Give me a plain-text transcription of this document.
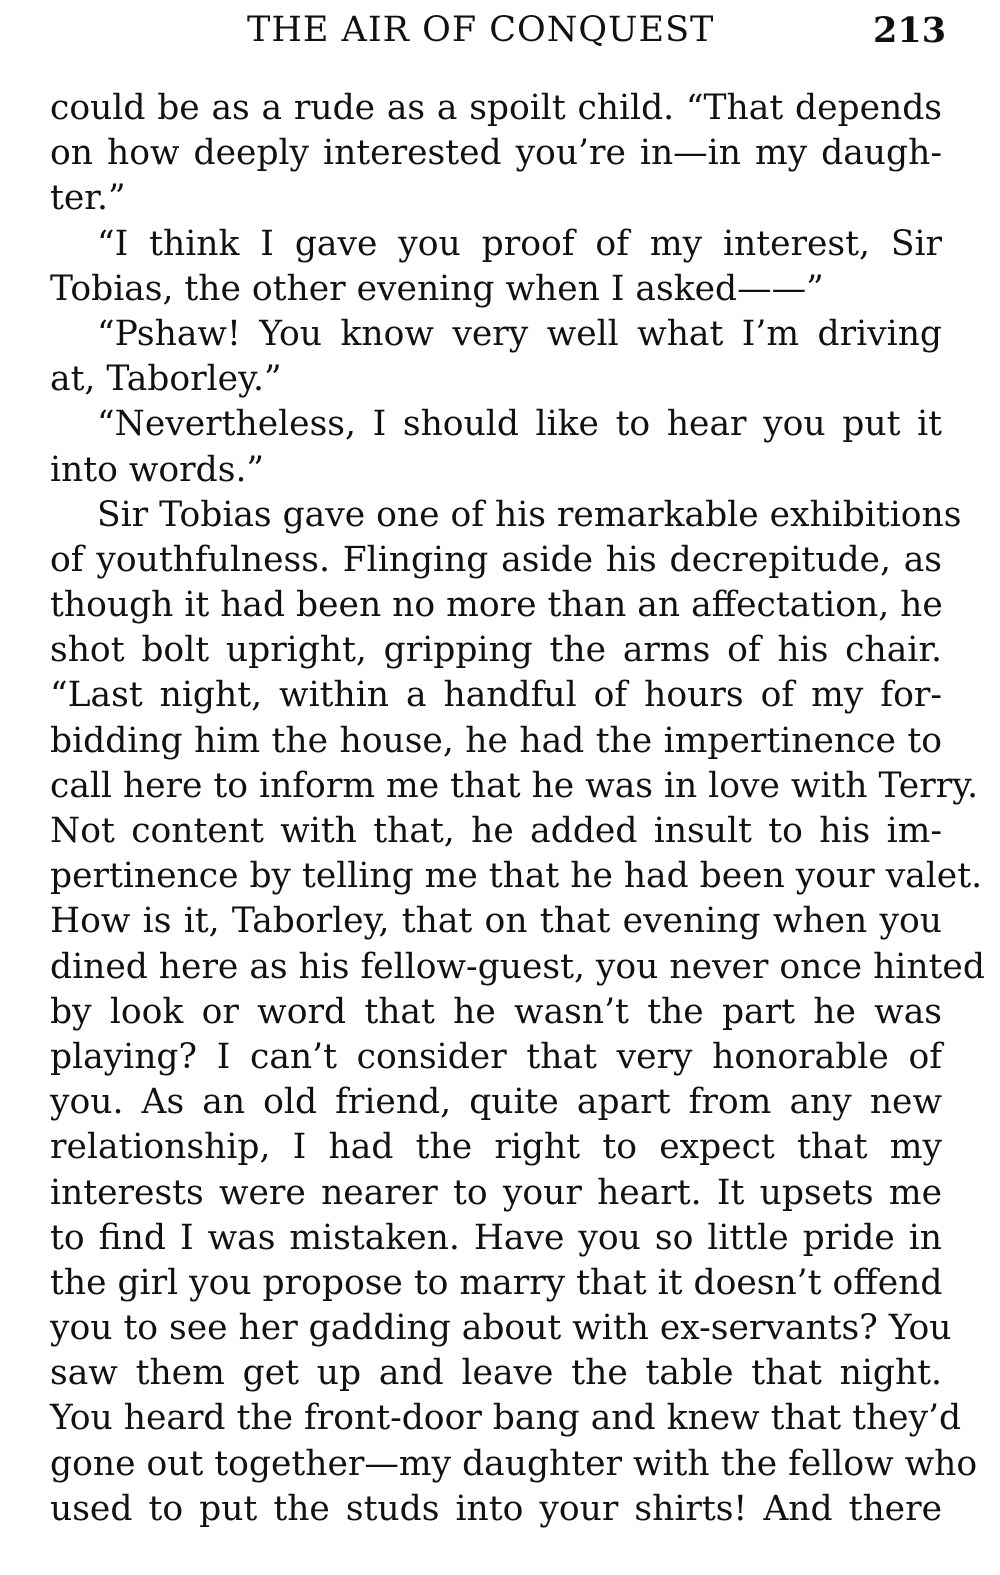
THE AIR OF CONQUEST	213
could be as a rude as a spoilt child. “That depends
on how deeply interested you’re in—in my daugh-
ter.”
“I think I gave you proof of my interest, Sir
Tobias, the other evening when I asked——”
“Pshaw! You know very well what I’m driving
at, Taborley.”
“Nevertheless, I should like to hear you put it
into words.”
Sir Tobias gave one of his remarkable exhibitions
of youthfulness. Flinging aside his decrepitude, as
though it had been no more than an affectation, he
shot bolt upright, gripping the arms of his chair.
“Last night, within a handful of hours of my for-
bidding him the house, he had the impertinence to
call here to inform me that he was in love with Terry.
Not content with that, he added insult to his im-
pertinence by telling me that he had been your valet.
How is it, Taborley, that on that evening when you
dined here as his fellow-guest, you never once hinted
by look or word that he wasn’t the part he was
playing? I can’t consider that very honorable of
you. As an old friend, quite apart from any new
relationship, I had the right to expect that my
interests were nearer to your heart. It upsets me
to find I was mistaken. Have you so little pride in
the girl you propose to marry that it doesn’t offend
you to see her gadding about with ex-servants? You
saw them get up and leave the table that night.
You heard the front-door bang and knew that they’d
gone out together—my daughter with the fellow who
used to put the studs into your shirts! And there
